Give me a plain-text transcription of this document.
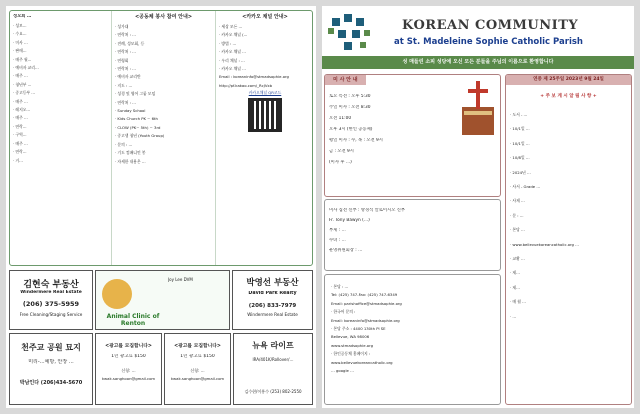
성모회 …
· 성모…
· 수요…
· 미사 …
· 판매…
· 매주 월…
· 예비자 교리…
· 매주 …
· 청년부 …
· 중고등부 …
· 매주 …
· 레지오…
· 매주 …
· 연락…
· 구역…
· 매주 …
· 연락…
· 거…
<공동체 봉사 참여 안내>
· 성가대
· 연락처 : …
· 전례, 성모회, 등
· 연락처 : …
· 연령회
· 연락처 : …
· 예비자 교리반
· 지도 : …
· 성경 및 영어 그룹 모임
· 연락처 : …
· Sunday School
· Kids Church PK ~ 6th
· CLOW (PK~ 5th) ~ 3rd
· 중고생 청년 (Youth Group)
· 문의 : …
· 기도 컴패니언 봉
· 자세한 내용은 …
<카카오 채널 안내>
· 세상 모든 …
· 카카오 채널 (…
· 방법 : …
· 카카오 채널 …
· 우리 채널 : …
· 카카오 채널 …
Email : koreaninfo@stmadsophie.org
http://pf.kakao.com/_RcJVxb
카카오채널 QR코드
김현숙 부동산
Windermere Real Estate
(206) 375-5959
Free Cleaning/Staging Service
Joy Lee DVM
Animal Clinic of Renton
박영선 부동산
David Park Realty
(206) 833-7979
Windermere Real Estate
천주교 공원 묘지
미리-…예방, 안장 …
박남인다 (206)434-5670
<광고를 모집합니다>
1년 광고료 $150
신청: …
kwak.sanghoon@gmail.com
<광고를 모집합니다>
1년 광고료 $150
신청: …
kwak.sanghoon@gmail.com
뉴욕 라이프
IRA/401K/Rollover/…
김수현/이흥수 (253) 802-2550
KOREAN COMMUNITY
at St. Madeleine Sophie Catholic Parish
성 매들린 소피 성당에 오신 모든 분들을 주님의 이름으로 환영합니다
미 사 안 내
토요 특전 : 오후 5:30
주일 미사 : 오전 8:30
오전 11:00
오후 3시 (한인 공동체)
평일 미사 : 수, 목 : 오전 9시
금 : 오전 9시
(미사 후 …)
미사 집전 신부 : 방경석 알로이시오 신부
Fr. Tony Bawyn (…)
부제 : …
수녀 : …
운영위원회장 : …
· 본당 : …
Tel: (425) 747-Fax: (425) 747-6349
Email: parishoffice@stmadsophie.org
· 한국어 문의 :
Email: koreaninfo@stmadsophie.org
· 본당 주소 : 4400 130th Pl SE
Bellevue, WA 98006
www.stmadsophie.org
· 한인공동체 홈페이지 :
www.bellevuekoreancatholic.org
… google …
연중 제 25주일 2023년 9월 24일
+ 주 보 게 시 알 림 사 항 +
· 도서 - …
· 10/1일 …
· 10/1일 …
· 10/8일 …
· 2024년 …
· 사서 - Grade …
· 사제 …
· 문 : …
· 본당 …
· www.bellevuekoreancatholic.org …
· 교황 …
· 제…
· 제…
· 매 월 …
· …
